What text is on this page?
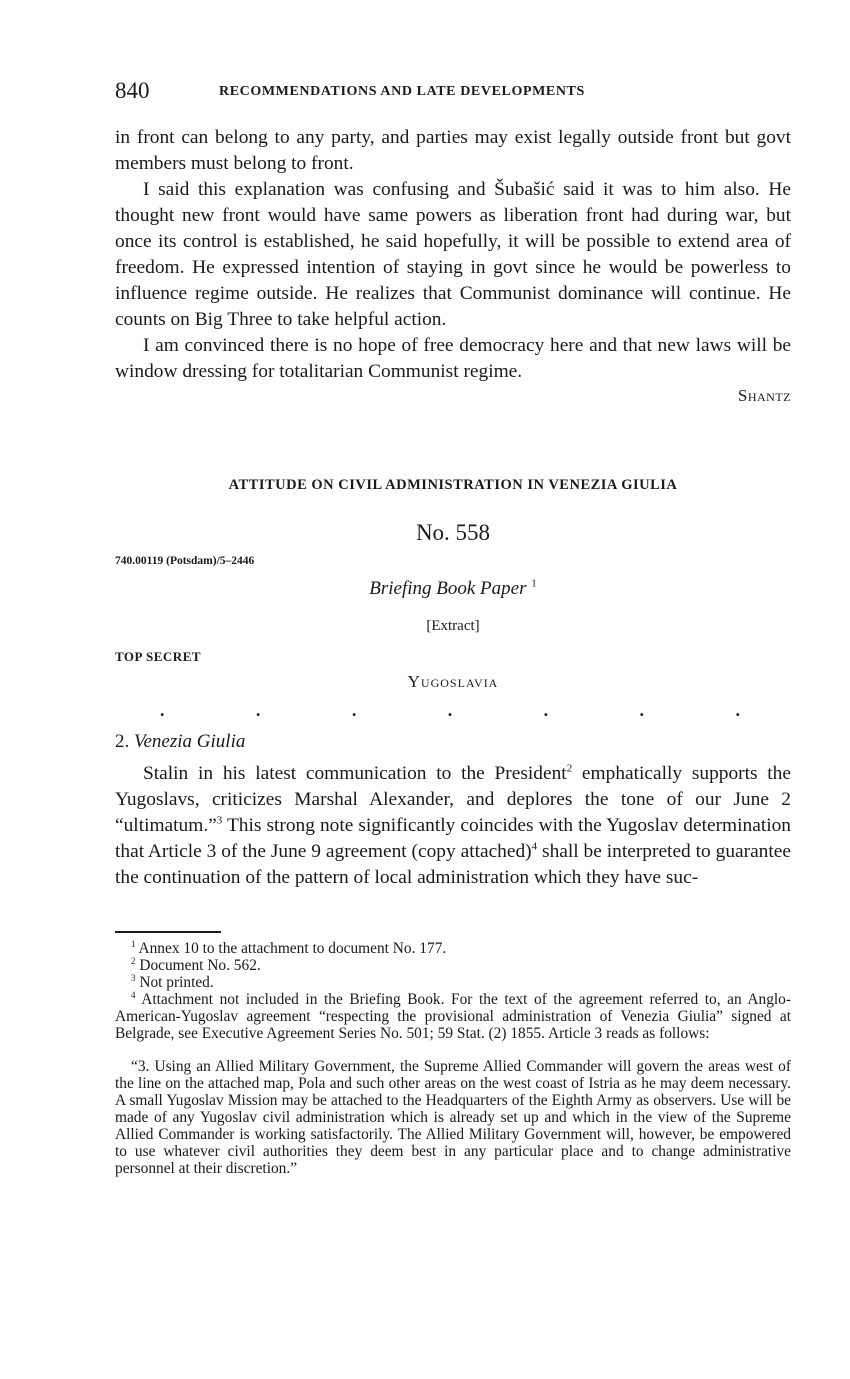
840	RECOMMENDATIONS AND LATE DEVELOPMENTS

in front can belong to any party, and parties may exist legally outside front but govt members must belong to front.

I said this explanation was confusing and Šubašić said it was to him also. He thought new front would have same powers as liberation front had during war, but once its control is established, he said hopefully, it will be possible to extend area of freedom. He expressed intention of staying in govt since he would be powerless to influence regime outside. He realizes that Communist dominance will continue. He counts on Big Three to take helpful action.

I am convinced there is no hope of free democracy here and that new laws will be window dressing for totalitarian Communist regime.

Shantz

ATTITUDE ON CIVIL ADMINISTRATION IN VENEZIA GIULIA
No. 558
740.00119 (Potsdam)/5–2446
Briefing Book Paper $^1$
[Extract]
TOP SECRET
Yugoslavia
.	.	.	.	.	.	.
2. Venezia Giulia

Stalin in his latest communication to the President$^2$ emphatically supports the Yugoslavs, criticizes Marshal Alexander, and deplores the tone of our June 2 “ultimatum.”$^3$ This strong note significantly coincides with the Yugoslav determination that Article 3 of the June 9 agreement (copy attached)$^4$ shall be interpreted to guarantee the continuation of the pattern of local administration which they have suc-

$^1$ Annex 10 to the attachment to document No. 177.

$^2$ Document No. 562.

$^3$ Not printed.

$^4$ Attachment not included in the Briefing Book. For the text of the agreement referred to, an Anglo-American-Yugoslav agreement “respecting the provisional administration of Venezia Giulia” signed at Belgrade, see Executive Agreement Series No. 501; 59 Stat. (2) 1855. Article 3 reads as follows:

“3. Using an Allied Military Government, the Supreme Allied Commander will govern the areas west of the line on the attached map, Pola and such other areas on the west coast of Istria as he may deem necessary. A small Yugoslav Mission may be attached to the Headquarters of the Eighth Army as observers. Use will be made of any Yugoslav civil administration which is already set up and which in the view of the Supreme Allied Commander is working satisfactorily. The Allied Military Government will, however, be empowered to use whatever civil authorities they deem best in any particular place and to change administrative personnel at their discretion.”
